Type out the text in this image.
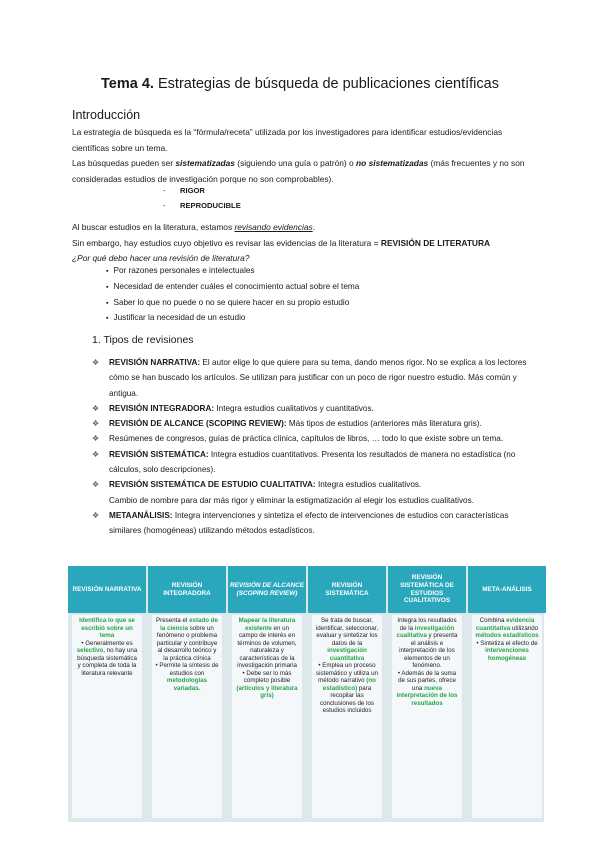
Tema 4. Estrategias de búsqueda de publicaciones científicas
Introducción
La estrategia de búsqueda es la “fórmula/receta” utilizada por los investigadores para identificar estudios/evidencias científicas sobre un tema.
Las búsquedas pueden ser sistematizadas (siguiendo una guía o patrón) o no sistematizadas (más frecuentes y no son consideradas estudios de investigación porque no son comprobables).
- RIGOR
- REPRODUCIBLE
Al buscar estudios en la literatura, estamos revisando evidencias.
Sin embargo, hay estudios cuyo objetivo es revisar las evidencias de la literatura = REVISIÓN DE LITERATURA
¿Por qué debo hacer una revisión de literatura?
▪ Por razones personales e intelectuales
▪ Necesidad de entender cuáles el conocimiento actual sobre el tema
▪ Saber lo que no puede o no se quiere hacer en su propio estudio
▪ Justificar la necesidad de un estudio
1. Tipos de revisiones
❖ REVISIÓN NARRATIVA: El autor elige lo que quiere para su tema, dando menos rigor. No se explica a los lectores cómo se han buscado los artículos. Se utilizan para justificar con un poco de rigor nuestro estudio. Más común y antigua.
❖ REVISIÓN INTEGRADORA: Integra estudios cualitativos y cuantitativos.
❖ REVISIÓN DE ALCANCE (SCOPING REVIEW): Más tipos de estudios (anteriores más literatura gris).
❖ Resúmenes de congresos, guías de práctica clínica, capítulos de libros, … todo lo que existe sobre un tema.
❖ REVISIÓN SISTEMÁTICA: Integra estudios cuantitativos. Presenta los resultados de manera no estadística (no cálculos, solo descripciones).
❖ REVISIÓN SISTEMÁTICA DE ESTUDIO CUALITATIVA: Integra estudios cualitativos.
Cambio de nombre para dar más rigor y eliminar la estigmatización al elegir los estudios cualitativos.
❖ METAANÁLISIS: Integra intervenciones y sintetiza el efecto de intervenciones de estudios con características similares (homogéneas) utilizando métodos estadísticos.
REVISIÓN NARRATIVA
Identifica lo que se escribió sobre un tema
• Generalmente es selectivo, no hay una búsqueda sistemática y completa de toda la literatura relevante
REVISIÓN INTEGRADORA
Presenta el estado de la ciencia sobre un fenómeno o problema particular y contribuye al desarrollo teórico y la práctica clínica
• Permite la síntesis de estudios con metodologías variadas.
REVISIÓN DE ALCANCE (SCOPING REVIEW)
Mapear la literatura existente en un campo de interés en términos de volumen, naturaleza y características de la investigación primaria
• Debe ser lo más completo posible (artículos y literatura gris)
REVISIÓN SISTEMÁTICA
Se trata de buscar, identificar, seleccionar, evaluar y sintetizar los datos de la investigación cuantitativa
• Emplea un proceso sistemático y utiliza un método narrativo (no estadístico) para recopilar las conclusiones de los estudios incluidos
REVISIÓN SISTEMÁTICA DE ESTUDIOS CUALITATIVOS
Integra los resultados de la investigación cualitativa y presenta el análisis e interpretación de los elementos de un fenómeno.
• Además de la suma de sus partes, ofrece una nueva interpretación de los resultados
META-ANÁLISIS
Combina evidencia cuantitativa utilizando métodos estadísticos
• Sintetiza el efecto de intervenciones homogéneas
